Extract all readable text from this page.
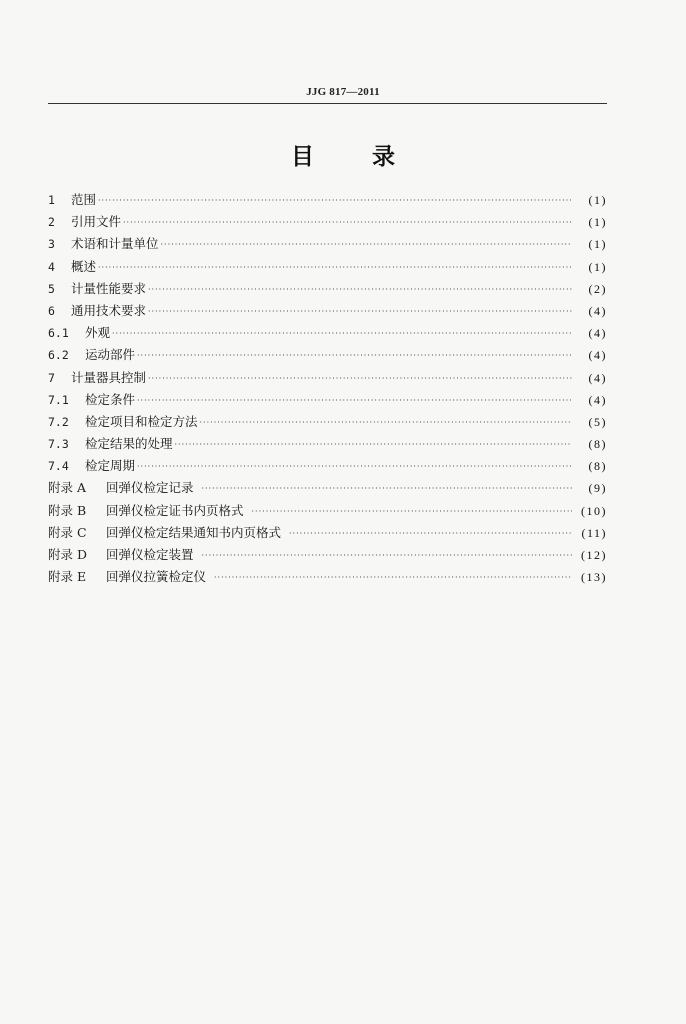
JJG 817—2011
目	录
1	范围 ·····	(1)
2	引用文件 ·····	(1)
3	术语和计量单位 ·····	(1)
4	概述 ·····	(1)
5	计量性能要求 ·····	(2)
6	通用技术要求 ·····	(4)
6.1	外观 ·····	(4)
6.2	运动部件 ·····	(4)
7	计量器具控制 ·····	(4)
7.1	检定条件 ·····	(4)
7.2	检定项目和检定方法 ·····	(5)
7.3	检定结果的处理 ·····	(8)
7.4	检定周期 ·····	(8)
附录 A	回弹仪检定记录 ·····	(9)
附录 B	回弹仪检定证书内页格式 ·····	(10)
附录 C	回弹仪检定结果通知书内页格式 ·····	(11)
附录 D	回弹仪检定装置 ·····	(12)
附录 E	回弹仪拉簧检定仪 ·····	(13)
